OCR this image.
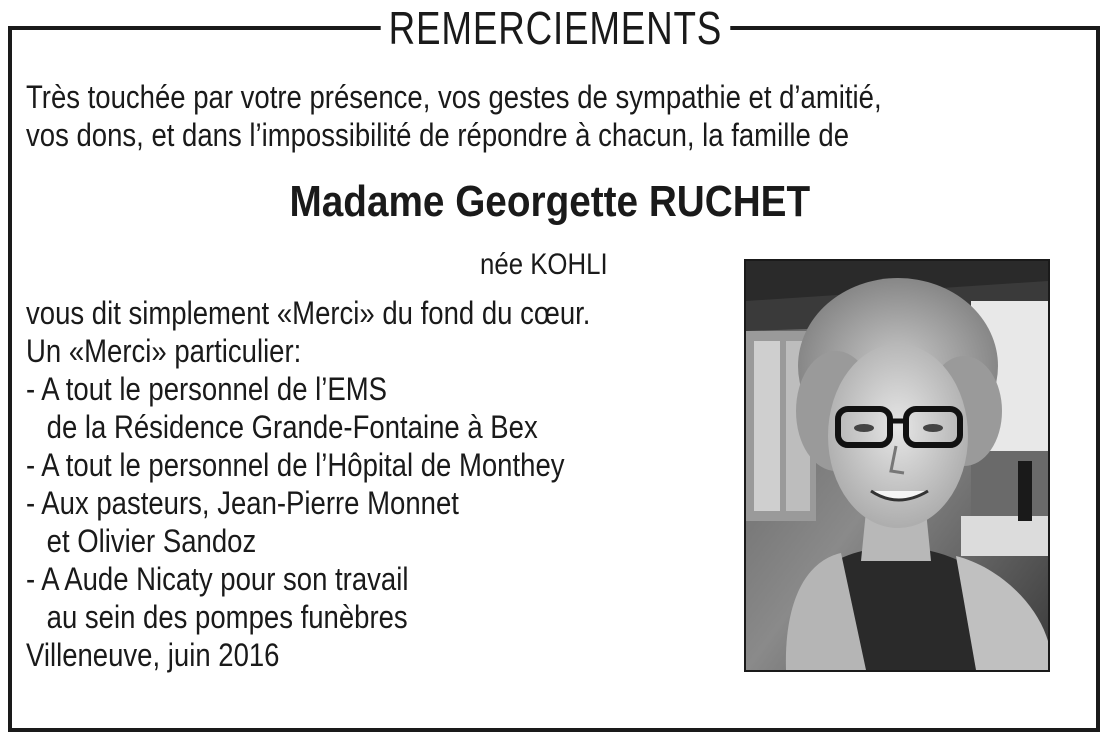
REMERCIEMENTS
Très touchée par votre présence, vos gestes de sympathie et d’amitié,
vos dons, et dans l’impossibilité de répondre à chacun, la famille de
Madame Georgette RUCHET
née KOHLI
vous dit simplement «Merci» du fond du cœur.
Un «Merci» particulier:
- A tout le personnel de l’EMS
de la Résidence Grande-Fontaine à Bex
- A tout le personnel de l’Hôpital de Monthey
- Aux pasteurs, Jean-Pierre Monnet
et Olivier Sandoz
- A Aude Nicaty pour son travail
au sein des pompes funèbres
Villeneuve, juin 2016
